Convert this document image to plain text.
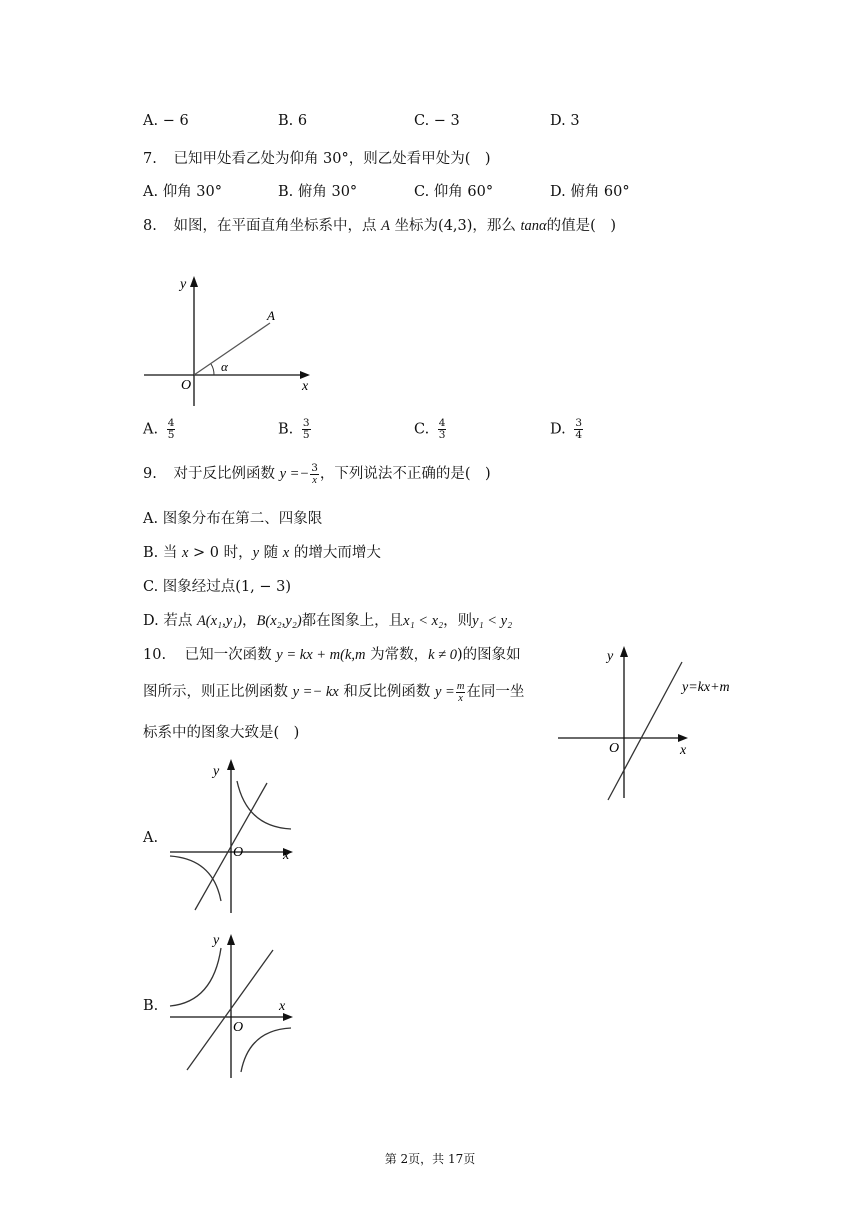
A. − 6	B. 6	C. − 3	D. 3
7. 已知甲处看乙处为仰角 30°，则乙处看甲处为(　)
A. 仰角 30°	B. 俯角 30°	C. 仰角 60°	D. 俯角 60°
8. 如图，在平面直角坐标系中，点 A 坐标为(4,3)，那么 tanα的值是(　)
y
x
O
A
α
A. $\frac{4}{5}$	B. $\frac{3}{5}$	C. $\frac{4}{3}$	D. $\frac{3}{4}$
9. 对于反比例函数 $y =- \frac{3}{x}$ ，下列说法不正确的是(　)
A. 图象分布在第二、四象限
B. 当 x > 0 时，y 随 x 的增大而增大
C. 图象经过点(1, − 3)
D. 若点 A(x₁,y₁)，B(x₂,y₂)都在图象上，且x₁ < x₂，则y₁ < y₂
10. 已知一次函数 y = kx + m(k,m 为常数，k ≠ 0)的图象如
图所示，则正比例函数 y =− kx 和反比例函数 $y = \frac{m}{x}$ 在同一坐
标系中的图象大致是(　)
y
x
O
y=kx+m
A.
y
x
O
B.
y
x
O
第 2页，共 17页
